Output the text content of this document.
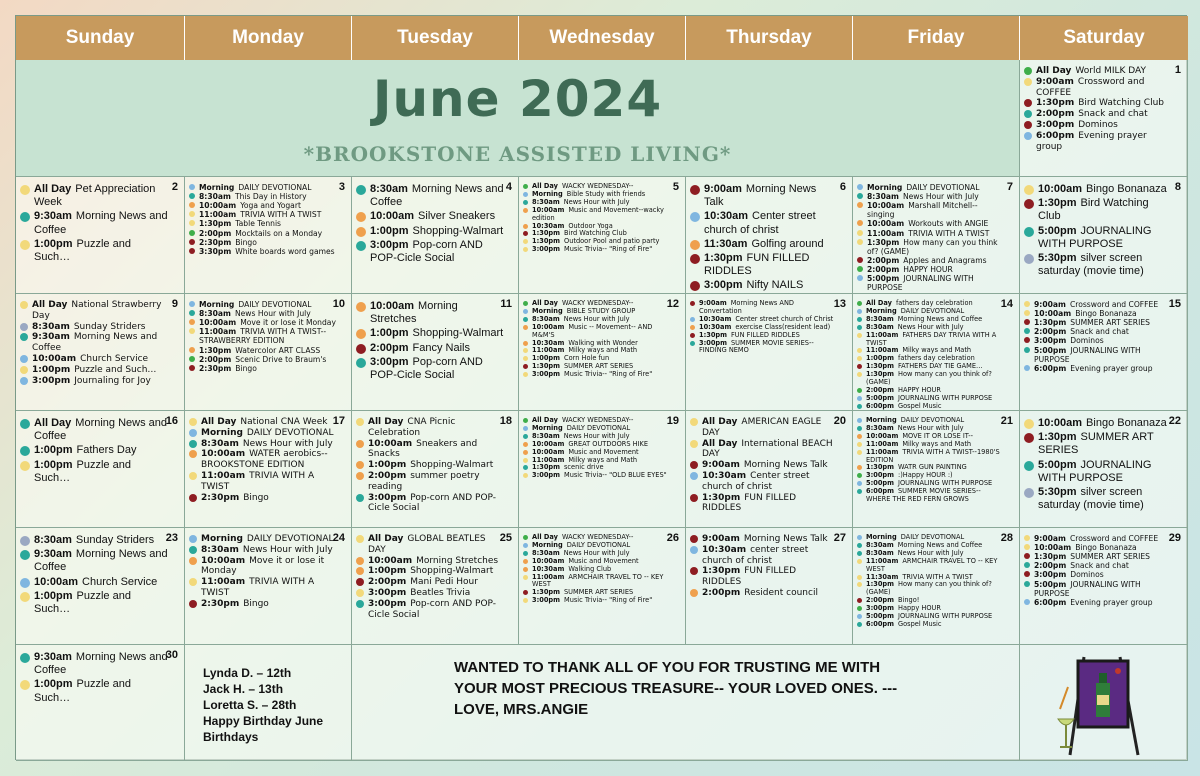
Sunday	Monday	Tuesday	Wednesday	Thursday	Friday	Saturday
June 2024
*BROOKSTONE ASSISTED LIVING*
1
All Day World MILK DAY
9:00am Crossword and COFFEE
1:30pm Bird Watching Club
2:00pm Snack and chat
3:00pm Dominos
6:00pm Evening prayer group
2
All Day Pet Appreciation Week
9:30am Morning News and Coffee
1:00pm Puzzle and Such…
3
Morning DAILY DEVOTIONAL
8:30am This Day in History
10:00am Yoga and Yogart
11:00am TRIVIA WITH A TWIST
1:30pm Table Tennis
2:00pm Mocktails on a Monday
2:30pm Bingo
3:30pm White boards word games
4
8:30am Morning News and Coffee
10:00am Silver Sneakers
1:00pm Shopping-Walmart
3:00pm Pop-corn AND POP-Cicle Social
5
All Day WACKY WEDNESDAY--
Morning Bible Study with friends
8:30am News Hour with July
10:00am Music and Movement--wacky edition
10:30am Outdoor Yoga
1:30pm Bird Watching Club
1:30pm Outdoor Pool and patio party
3:00pm Music Trivia-- "Ring of Fire"
6
9:00am Morning News Talk
10:30am Center street church of christ
11:30am Golfing around
1:30pm FUN FILLED RIDDLES
3:00pm Nifty NAILS
7
Morning DAILY DEVOTIONAL
8:30am News Hour with July
10:00am Marshall Mitchell--singing
10:00am Workouts with ANGIE
11:00am TRIVIA WITH A TWIST
1:30pm How many can you think of? (GAME)
2:00pm Apples and Anagrams
2:00pm HAPPY HOUR
5:00pm JOURNALING WITH PURPOSE
8
10:00am Bingo Bonanaza
1:30pm Bird Watching Club
5:00pm JOURNALING WITH PURPOSE
5:30pm silver screen saturday (movie time)
9
All Day National Strawberry Day
8:30am Sunday Striders
9:30am Morning News and Coffee
10:00am Church Service
1:00pm Puzzle and Such…
3:00pm Journaling for Joy
10
Morning DAILY DEVOTIONAL
8:30am News Hour with July
10:00am Move it or lose it Monday
11:00am TRIVIA WITH A TWIST-- STRAWBERRY EDITION
1:30pm Watercolor ART CLASS
2:00pm Scenic Drive to Braum's
2:30pm Bingo
11
10:00am Morning Stretches
1:00pm Shopping-Walmart
2:00pm Fancy Nails
3:00pm Pop-corn AND POP-Cicle Social
12
All Day WACKY WEDNESDAY--
Morning BIBLE STUDY GROUP
8:30am News Hour with July
10:00am Music -- Movement-- AND M&M'S
10:30am Walking with Wonder
11:00am Milky ways and Math
1:00pm Corn Hole fun
1:30pm SUMMER ART SERIES
3:00pm Music Trivia-- "Ring of Fire"
13
9:00am Morning News AND Convertation
10:30am Center street church of Christ
10:30am exercise Class(resident lead)
1:30pm FUN FILLED RIDDLES
3:00pm SUMMER MOVIE SERIES-- FINDING NEMO
14
All Day fathers day celebration
Morning DAILY DEVOTIONAL
8:30am Morning News and Coffee
8:30am News Hour with July
11:00am FATHERS DAY TRIVIA WITH A TWIST
11:00am Milky ways and Math
1:00pm fathers day celebration
1:30pm FATHERS DAY TIE GAME…
1:30pm How many can you think of? (GAME)
2:00pm HAPPY HOUR
5:00pm JOURNALING WITH PURPOSE
6:00pm Gospel Music
15
9:00am Crossword and COFFEE
10:00am Bingo Bonanaza
1:30pm SUMMER ART SERIES
2:00pm Snack and chat
3:00pm Dominos
5:00pm JOURNALING WITH PURPOSE
6:00pm Evening prayer group
16
All Day Morning News and Coffee
1:00pm Fathers Day
1:00pm Puzzle and Such…
17
All Day National CNA Week
Morning DAILY DEVOTIONAL
8:30am News Hour with July
10:00am WATER aerobics-- BROOKSTONE EDITION
11:00am TRIVIA WITH A TWIST
2:30pm Bingo
18
All Day CNA Picnic Celebration
10:00am Sneakers and Snacks
1:00pm Shopping-Walmart
2:00pm summer poetry reading
3:00pm Pop-corn AND POP-Cicle Social
19
All Day WACKY WEDNESDAY--
Morning DAILY DEVOTIONAL
8:30am News Hour with July
10:00am GREAT OUTDOORS HIKE
10:00am Music and Movement
11:00am Milky ways and Math
1:30pm scenic drive
3:00pm Music Trivia-- "OLD BLUE EYES"
20
All Day AMERICAN EAGLE DAY
All Day International BEACH DAY
9:00am Morning News Talk
10:30am Center street church of christ
1:30pm FUN FILLED RIDDLES
21
Morning DAILY DEVOTIONAL
8:30am News Hour with July
10:00am MOVE IT OR LOSE IT--
11:00am Milky ways and Math
11:00am TRIVIA WITH A TWIST--1980'S EDITION
1:30pm WATR GUN PAINTING
3:00pm :)Happy HOUR :)
5:00pm JOURNALING WITH PURPOSE
6:00pm SUMMER MOVIE SERIES-- WHERE THE RED FERN GROWS
22
10:00am Bingo Bonanaza
1:30pm SUMMER ART SERIES
5:00pm JOURNALING WITH PURPOSE
5:30pm silver screen saturday (movie time)
23
8:30am Sunday Striders
9:30am Morning News and Coffee
10:00am Church Service
1:00pm Puzzle and Such…
24
Morning DAILY DEVOTIONAL
8:30am News Hour with July
10:00am Move it or lose it Monday
11:00am TRIVIA WITH A TWIST
2:30pm Bingo
25
All Day GLOBAL BEATLES DAY
10:00am Morning Stretches
1:00pm Shopping-Walmart
2:00pm Mani Pedi Hour
3:00pm Beatles Trivia
3:00pm Pop-corn AND POP-Cicle Social
26
All Day WACKY WEDNESDAY--
Morning DAILY DEVOTIONAL
8:30am News Hour with July
10:00am Music and Movement
10:30am Walking Club
11:00am ARMCHAIR TRAVEL TO -- KEY WEST
1:30pm SUMMER ART SERIES
3:00pm Music Trivia-- "Ring of Fire"
27
9:00am Morning News Talk
10:30am center street church of christ
1:30pm FUN FILLED RIDDLES
2:00pm Resident council
28
Morning DAILY DEVOTIONAL
8:30am Morning News and Coffee
8:30am News Hour with July
11:00am ARMCHAIR TRAVEL TO -- KEY WEST
11:30am TRIVIA WITH A TWIST
1:30pm How many can you think of? (GAME)
2:00pm Bingo!
3:00pm Happy HOUR
5:00pm JOURNALING WITH PURPOSE
6:00pm Gospel Music
29
9:00am Crossword and COFFEE
10:00am Bingo Bonanaza
1:30pm SUMMER ART SERIES
2:00pm Snack and chat
3:00pm Dominos
5:00pm JOURNALING WITH PURPOSE
6:00pm Evening prayer group
30
9:30am Morning News and Coffee
1:00pm Puzzle and Such…
Lynda D. – 12th
Jack H. – 13th
Loretta S. – 28th
Happy Birthday June Birthdays
WANTED TO THANK ALL OF YOU FOR TRUSTING ME WITH
YOUR MOST PRECIOUS TREASURE-- YOUR LOVED ONES. ---
LOVE, MRS.ANGIE
